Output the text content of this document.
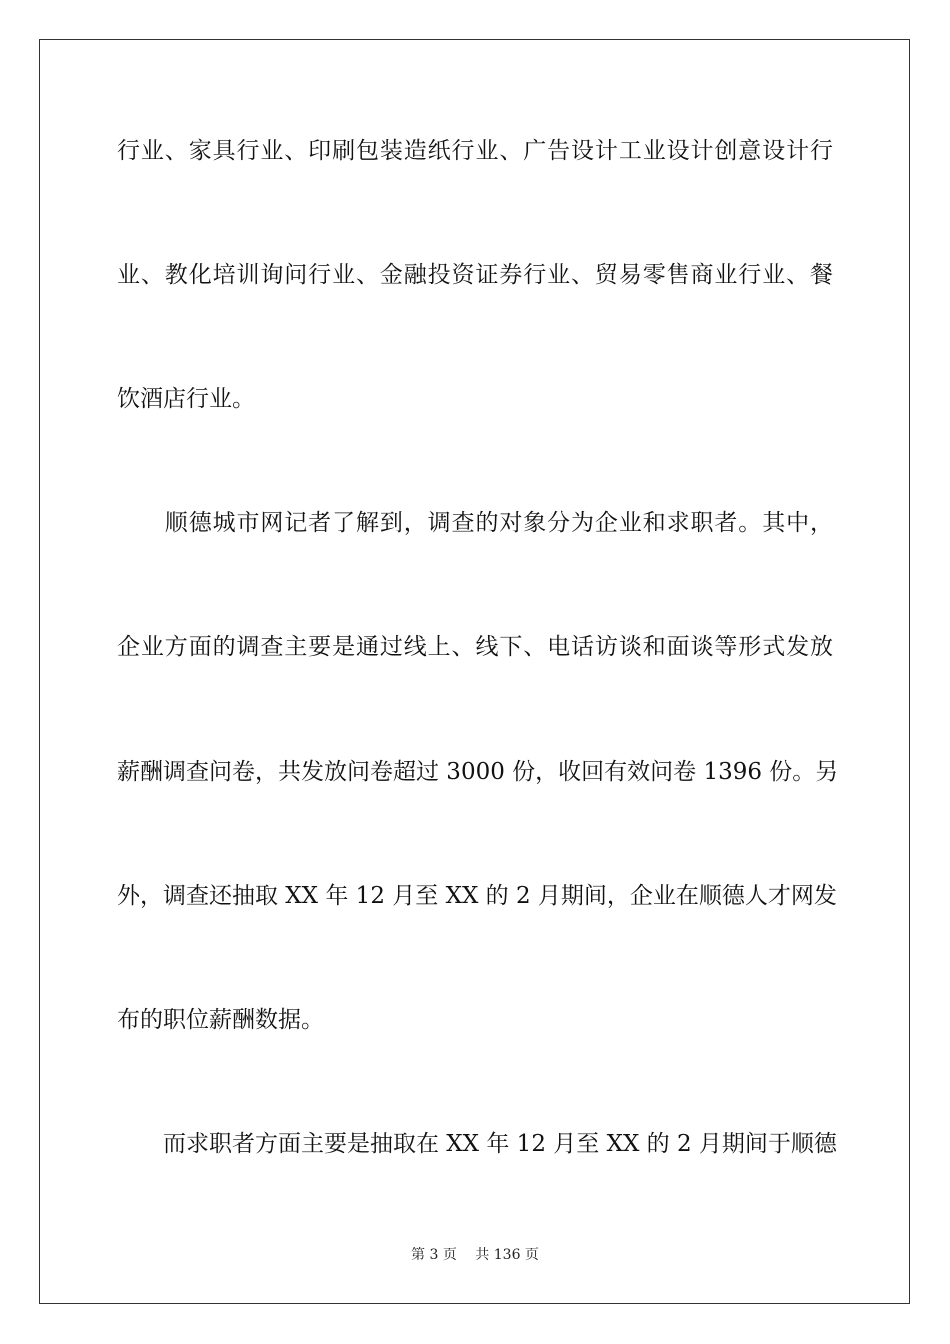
行业、家具行业、印刷包装造纸行业、广告设计工业设计创意设计行
业、教化培训询问行业、金融投资证券行业、贸易零售商业行业、餐
饮酒店行业。
　　顺德城市网记者了解到，调查的对象分为企业和求职者。其中，
企业方面的调查主要是通过线上、线下、电话访谈和面谈等形式发放
薪酬调查问卷，共发放问卷超过 3000 份，收回有效问卷 1396 份。另
外，调查还抽取 XX 年 12 月至 XX 的 2 月期间，企业在顺德人才网发
布的职位薪酬数据。
　　而求职者方面主要是抽取在 XX 年 12 月至 XX 的 2 月期间于顺德
第 3 页　 共 136 页
